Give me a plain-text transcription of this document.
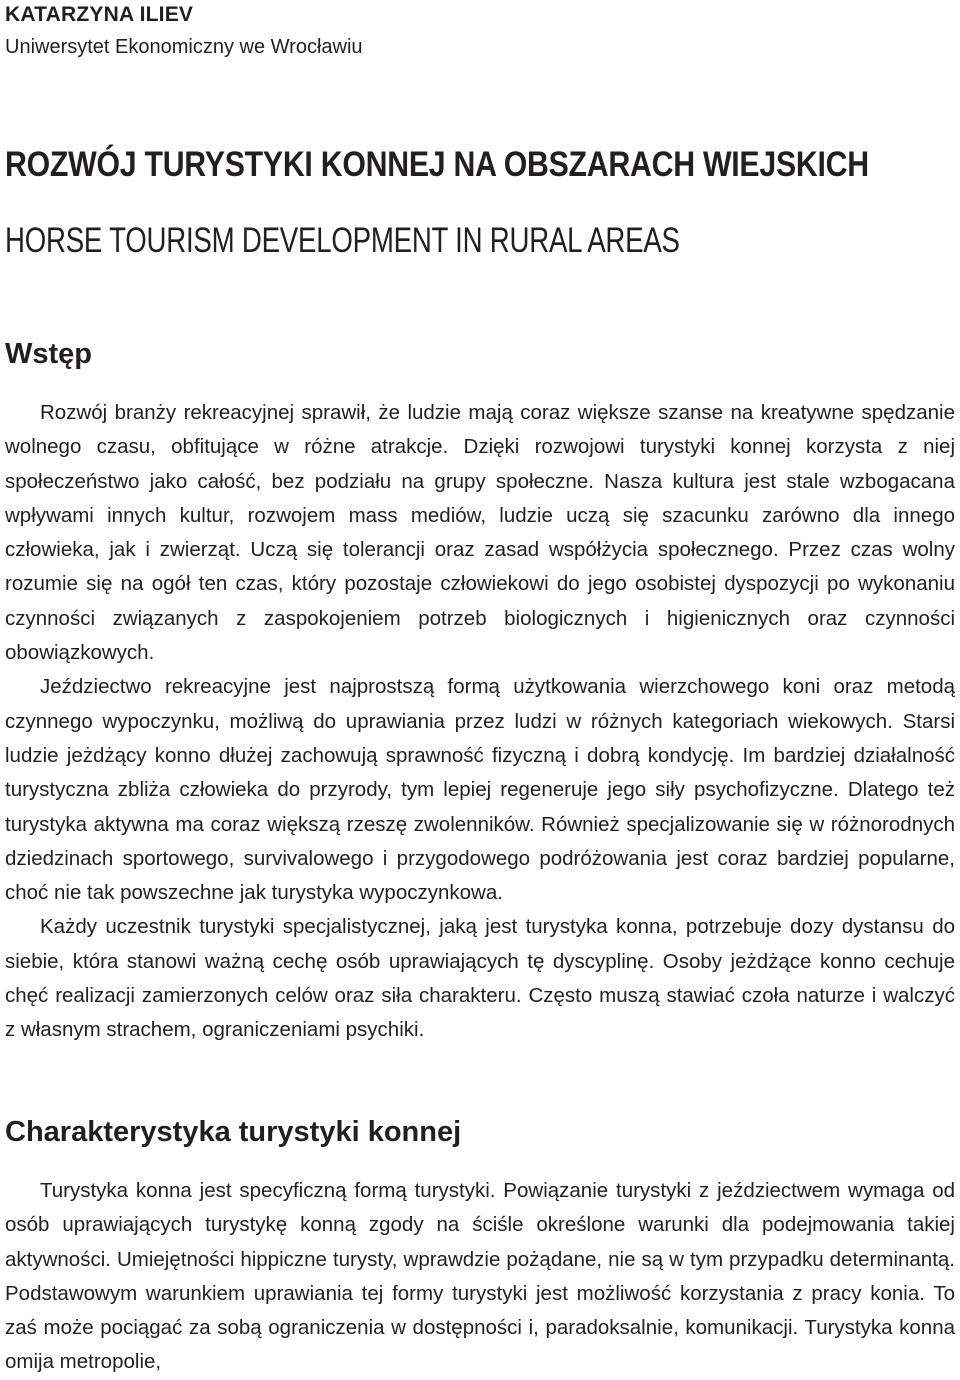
KATARZYNA ILIEV
Uniwersytet Ekonomiczny we Wrocławiu
ROZWÓJ TURYSTYKI KONNEJ NA OBSZARACH WIEJSKICH
HORSE TOURISM DEVELOPMENT IN RURAL AREAS
Wstęp

Rozwój branży rekreacyjnej sprawił, że ludzie mają coraz większe szanse na kreatywne spędzanie wolnego czasu, obfitujące w różne atrakcje. Dzięki rozwojowi turystyki konnej korzysta z niej społeczeństwo jako całość, bez podziału na grupy społeczne. Nasza kultura jest stale wzbogacana wpływami innych kultur, rozwojem mass mediów, ludzie uczą się szacunku zarówno dla innego człowieka, jak i zwierząt. Uczą się tolerancji oraz zasad współżycia społecznego. Przez czas wolny rozumie się na ogół ten czas, który pozostaje człowiekowi do jego osobistej dyspozycji po wykonaniu czynności związanych z zaspokojeniem potrzeb biologicznych i higienicznych oraz czynności obowiązkowych.

Jeździectwo rekreacyjne jest najprostszą formą użytkowania wierzchowego koni oraz metodą czynnego wypoczynku, możliwą do uprawiania przez ludzi w różnych kategoriach wiekowych. Starsi ludzie jeżdżący konno dłużej zachowują sprawność fizyczną i dobrą kondycję. Im bardziej działalność turystyczna zbliża człowieka do przyrody, tym lepiej regeneruje jego siły psychofizyczne. Dlatego też turystyka aktywna ma coraz większą rzeszę zwolenników. Również specjalizowanie się w różnorodnych dziedzinach sportowego, survivalowego i przygodowego podróżowania jest coraz bardziej popularne, choć nie tak powszechne jak turystyka wypoczynkowa.

Każdy uczestnik turystyki specjalistycznej, jaką jest turystyka konna, potrzebuje dozy dystansu do siebie, która stanowi ważną cechę osób uprawiających tę dyscyplinę. Osoby jeżdżące konno cechuje chęć realizacji zamierzonych celów oraz siła charakteru. Często muszą stawiać czoła naturze i walczyć z własnym strachem, ograniczeniami psychiki.

Charakterystyka turystyki konnej

Turystyka konna jest specyficzną formą turystyki. Powiązanie turystyki z jeździectwem wymaga od osób uprawiających turystykę konną zgody na ściśle określone warunki dla podejmowania takiej aktywności. Umiejętności hippiczne turysty, wprawdzie pożądane, nie są w tym przypadku determinantą. Podstawowym warunkiem uprawiania tej formy turystyki jest możliwość korzystania z pracy konia. To zaś może pociągać za sobą ograniczenia w dostępności i, paradoksalnie, komunikacji. Turystyka konna omija metropolie,
